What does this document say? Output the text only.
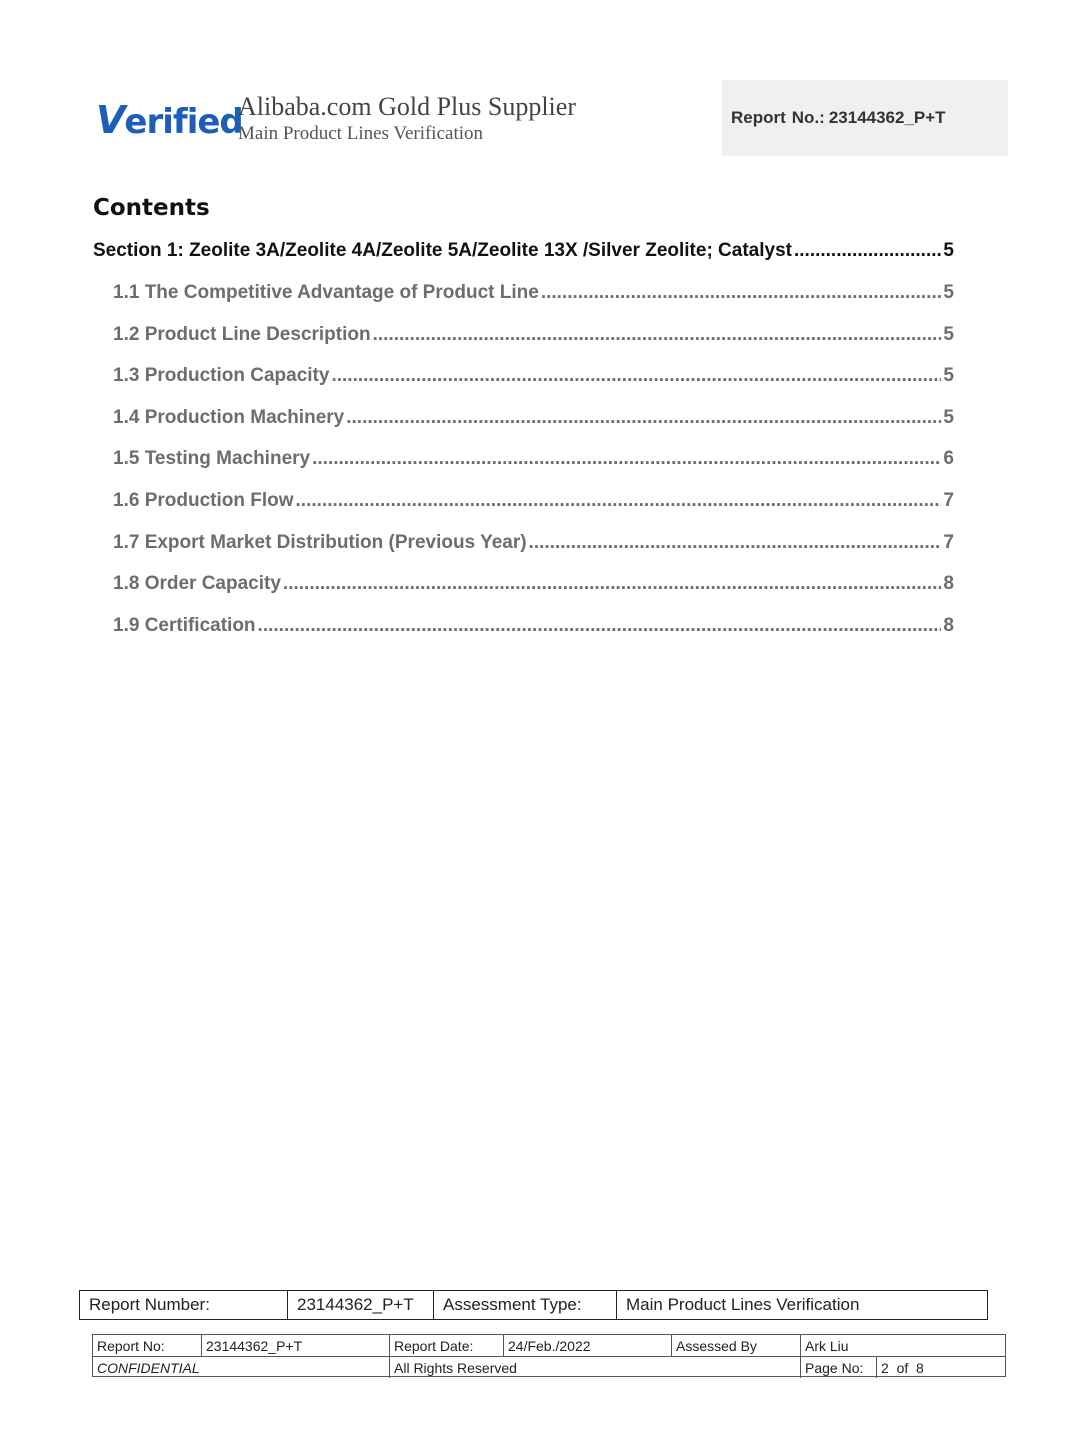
Verified
Alibaba.com Gold Plus Supplier
Main Product Lines Verification
Report No.: 23144362_P+T
Contents
Section 1: Zeolite 3A/Zeolite 4A/Zeolite 5A/Zeolite 13X /Silver Zeolite; Catalyst .....	5
1.1 The Competitive Advantage of Product Line .....	5
1.2 Product Line Description .....	5
1.3 Production Capacity .....	5
1.4 Production Machinery .....	5
1.5 Testing Machinery .....	6
1.6 Production Flow .....	7
1.7 Export Market Distribution (Previous Year) .....	7
1.8 Order Capacity .....	8
1.9 Certification .....	8
Report Number:	23144362_P+T	Assessment Type:	Main Product Lines Verification
Report No:	23144362_P+T	Report Date:	24/Feb./2022	Assessed By	Ark Liu
CONFIDENTIAL	All Rights Reserved	Page No:	2  of  8
